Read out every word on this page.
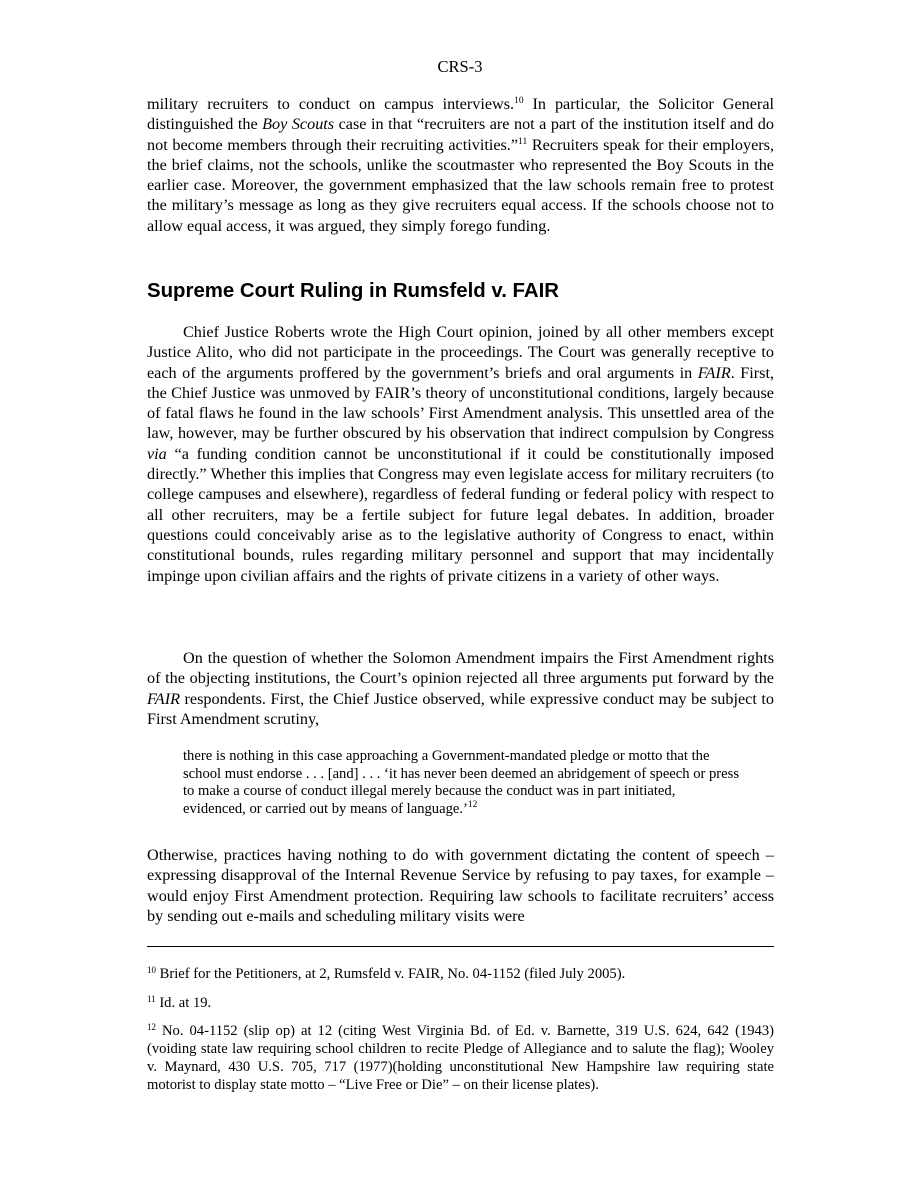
CRS-3

military recruiters to conduct on campus interviews.$^{10}$ In particular, the Solicitor General distinguished the Boy Scouts case in that “recruiters are not a part of the institution itself and do not become members through their recruiting activities.”$^{11}$ Recruiters speak for their employers, the brief claims, not the schools, unlike the scoutmaster who represented the Boy Scouts in the earlier case. Moreover, the government emphasized that the law schools remain free to protest the military’s message as long as they give recruiters equal access. If the schools choose not to allow equal access, it was argued, they simply forego funding.

Supreme Court Ruling in Rumsfeld v. FAIR

Chief Justice Roberts wrote the High Court opinion, joined by all other members except Justice Alito, who did not participate in the proceedings. The Court was generally receptive to each of the arguments proffered by the government’s briefs and oral arguments in FAIR. First, the Chief Justice was unmoved by FAIR’s theory of unconstitutional conditions, largely because of fatal flaws he found in the law schools’ First Amendment analysis. This unsettled area of the law, however, may be further obscured by his observation that indirect compulsion by Congress via “a funding condition cannot be unconstitutional if it could be constitutionally imposed directly.” Whether this implies that Congress may even legislate access for military recruiters (to college campuses and elsewhere), regardless of federal funding or federal policy with respect to all other recruiters, may be a fertile subject for future legal debates. In addition, broader questions could conceivably arise as to the legislative authority of Congress to enact, within constitutional bounds, rules regarding military personnel and support that may incidentally impinge upon civilian affairs and the rights of private citizens in a variety of other ways.

On the question of whether the Solomon Amendment impairs the First Amendment rights of the objecting institutions, the Court’s opinion rejected all three arguments put forward by the FAIR respondents. First, the Chief Justice observed, while expressive conduct may be subject to First Amendment scrutiny,

there is nothing in this case approaching a Government-mandated pledge or motto that the school must endorse . . . [and] . . . ‘it has never been deemed an abridgement of speech or press to make a course of conduct illegal merely because the conduct was in part initiated, evidenced, or carried out by means of language.’$^{12}$

Otherwise, practices having nothing to do with government dictating the content of speech – expressing disapproval of the Internal Revenue Service by refusing to pay taxes, for example – would enjoy First Amendment protection. Requiring law schools to facilitate recruiters’ access by sending out e-mails and scheduling military visits were

$^{10}$ Brief for the Petitioners, at 2, Rumsfeld v. FAIR, No. 04-1152 (filed July 2005).

$^{11}$ Id. at 19.

$^{12}$ No. 04-1152 (slip op) at 12 (citing West Virginia Bd. of Ed. v. Barnette, 319 U.S. 624, 642 (1943)(voiding state law requiring school children to recite Pledge of Allegiance and to salute the flag); Wooley v. Maynard, 430 U.S. 705, 717 (1977)(holding unconstitutional New Hampshire law requiring state motorist to display state motto – “Live Free or Die” – on their license plates).
